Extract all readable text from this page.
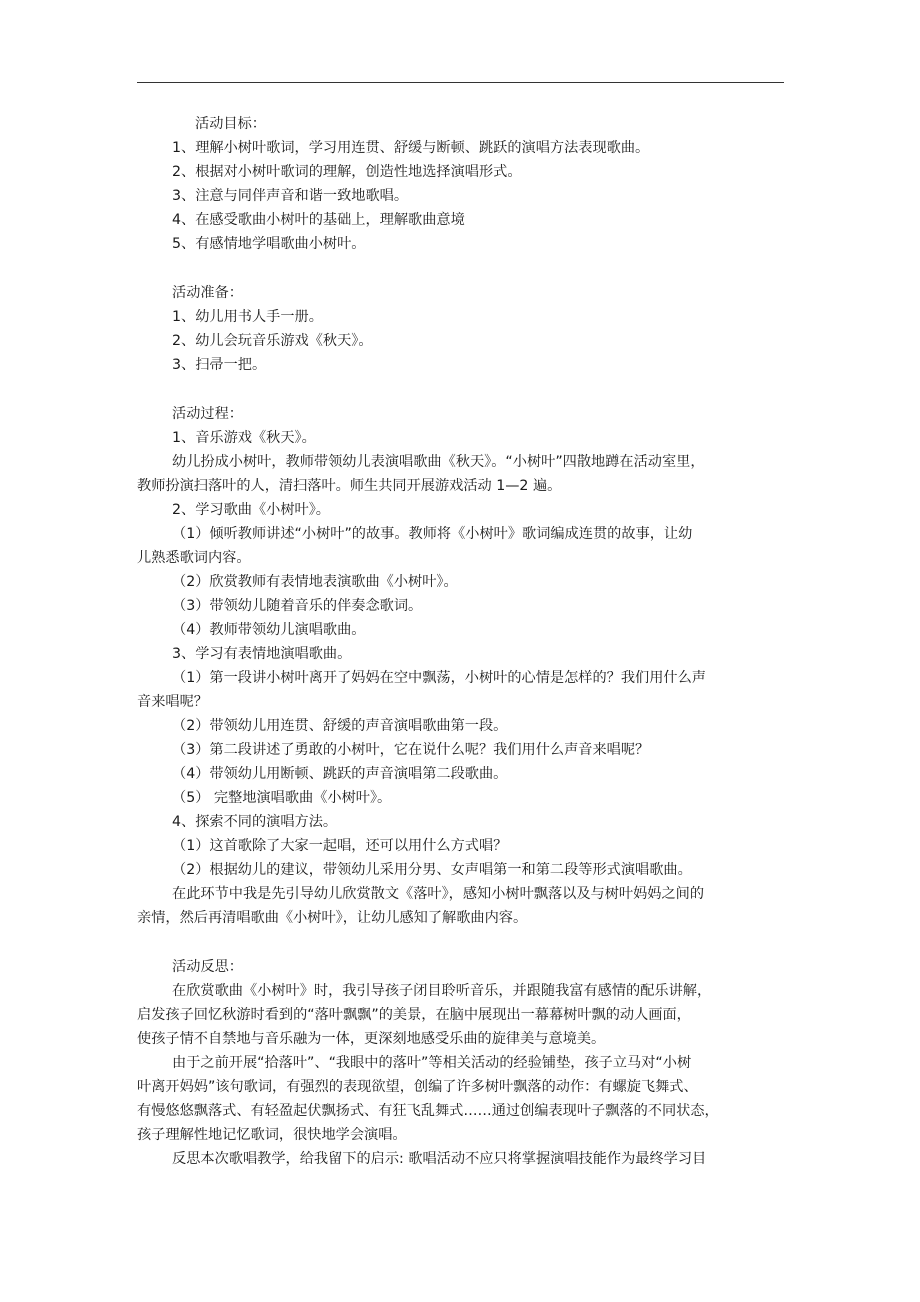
活动目标：
1、理解小树叶歌词，学习用连贯、舒缓与断顿、跳跃的演唱方法表现歌曲。
2、根据对小树叶歌词的理解，创造性地选择演唱形式。
3、注意与同伴声音和谐一致地歌唱。
4、在感受歌曲小树叶的基础上，理解歌曲意境
5、有感情地学唱歌曲小树叶。
活动准备：
1、幼儿用书人手一册。
2、幼儿会玩音乐游戏《秋天》。
3、扫帚一把。
活动过程：
1、音乐游戏《秋天》。
幼儿扮成小树叶，教师带领幼儿表演唱歌曲《秋天》。“小树叶”四散地蹲在活动室里，
教师扮演扫落叶的人，清扫落叶。师生共同开展游戏活动 1—2 遍。
2、学习歌曲《小树叶》。
（1）倾听教师讲述“小树叶”的故事。教师将《小树叶》歌词编成连贯的故事，让幼
儿熟悉歌词内容。
（2）欣赏教师有表情地表演歌曲《小树叶》。
（3）带领幼儿随着音乐的伴奏念歌词。
（4）教师带领幼儿演唱歌曲。
3、学习有表情地演唱歌曲。
（1）第一段讲小树叶离开了妈妈在空中飘荡，小树叶的心情是怎样的？我们用什么声
音来唱呢？
（2）带领幼儿用连贯、舒缓的声音演唱歌曲第一段。
（3）第二段讲述了勇敢的小树叶，它在说什么呢？我们用什么声音来唱呢？
（4）带领幼儿用断顿、跳跃的声音演唱第二段歌曲。
（5） 完整地演唱歌曲《小树叶》。
4、探索不同的演唱方法。
（1）这首歌除了大家一起唱，还可以用什么方式唱？
（2）根据幼儿的建议，带领幼儿采用分男、女声唱第一和第二段等形式演唱歌曲。
在此环节中我是先引导幼儿欣赏散文《落叶》，感知小树叶飘落以及与树叶妈妈之间的
亲情，然后再清唱歌曲《小树叶》，让幼儿感知了解歌曲内容。
活动反思：
在欣赏歌曲《小树叶》时，我引导孩子闭目聆听音乐，并跟随我富有感情的配乐讲解，
启发孩子回忆秋游时看到的“落叶飘飘”的美景，在脑中展现出一幕幕树叶飘的动人画面，
使孩子情不自禁地与音乐融为一体，更深刻地感受乐曲的旋律美与意境美。
由于之前开展“拾落叶”、“我眼中的落叶”等相关活动的经验铺垫，孩子立马对“小树
叶离开妈妈”该句歌词，有强烈的表现欲望，创编了许多树叶飘落的动作：有螺旋飞舞式、
有慢悠悠飘落式、有轻盈起伏飘扬式、有狂飞乱舞式……通过创编表现叶子飘落的不同状态，
孩子理解性地记忆歌词，很快地学会演唱。
反思本次歌唱教学，给我留下的启示: 歌唱活动不应只将掌握演唱技能作为最终学习目
